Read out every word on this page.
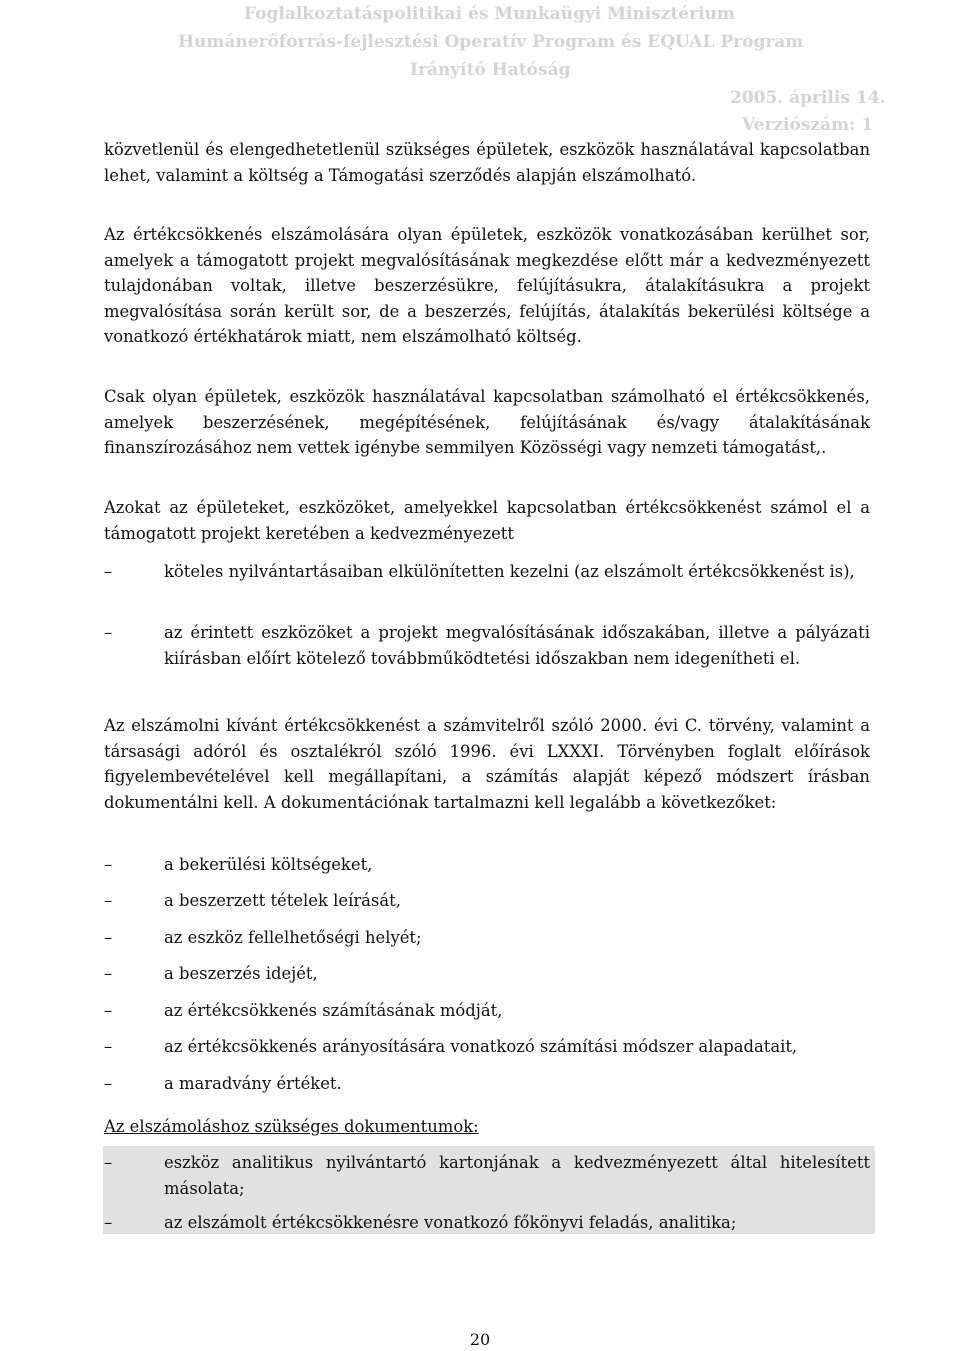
Foglalkoztatáspolitikai és Munkaügyi Minisztérium
Humánerőforrás-fejlesztési Operatív Program és EQUAL Program
Irányító Hatóság
2005. április 14.
Verziószám: 1

közvetlenül és elengedhetetlenül szükséges épületek, eszközök használatával kapcsolatban lehet, valamint a költség a Támogatási szerződés alapján elszámolható.

Az értékcsökkenés elszámolására olyan épületek, eszközök vonatkozásában kerülhet sor, amelyek a támogatott projekt megvalósításának megkezdése előtt már a kedvezményezett tulajdonában voltak, illetve beszerzésükre, felújításukra, átalakításukra a projekt megvalósítása során került sor, de a beszerzés, felújítás, átalakítás bekerülési költsége a vonatkozó értékhatárok miatt, nem elszámolható költség.

Csak olyan épületek, eszközök használatával kapcsolatban számolható el értékcsökkenés, amelyek beszerzésének, megépítésének, felújításának és/vagy átalakításának finanszírozásához nem vettek igénybe semmilyen Közösségi vagy nemzeti támogatást,.

Azokat az épületeket, eszközöket, amelyekkel kapcsolatban értékcsökkenést számol el a támogatott projekt keretében a kedvezményezett

–	köteles nyilvántartásaiban elkülönítetten kezelni (az elszámolt értékcsökkenést is),
–	az érintett eszközöket a projekt megvalósításának időszakában, illetve a pályázati kiírásban előírt kötelező továbbműködtetési időszakban nem idegenítheti el.

Az elszámolni kívánt értékcsökkenést a számvitelről szóló 2000. évi C. törvény, valamint a társasági adóról és osztalékról szóló 1996. évi LXXXI. Törvényben foglalt előírások figyelembevételével kell megállapítani, a számítás alapját képező módszert írásban dokumentálni kell. A dokumentációnak tartalmazni kell legalább a következőket:

–	a bekerülési költségeket,
–	a beszerzett tételek leírását,
–	az eszköz fellelhetőségi helyét;
–	a beszerzés idejét,
–	az értékcsökkenés számításának módját,
–	az értékcsökkenés arányosítására vonatkozó számítási módszer alapadatait,
–	a maradvány értéket.

Az elszámoláshoz szükséges dokumentumok:

–	eszköz analitikus nyilvántartó kartonjának a kedvezményezett által hitelesített másolata;
–	az elszámolt értékcsökkenésre vonatkozó főkönyvi feladás, analitika;
20
